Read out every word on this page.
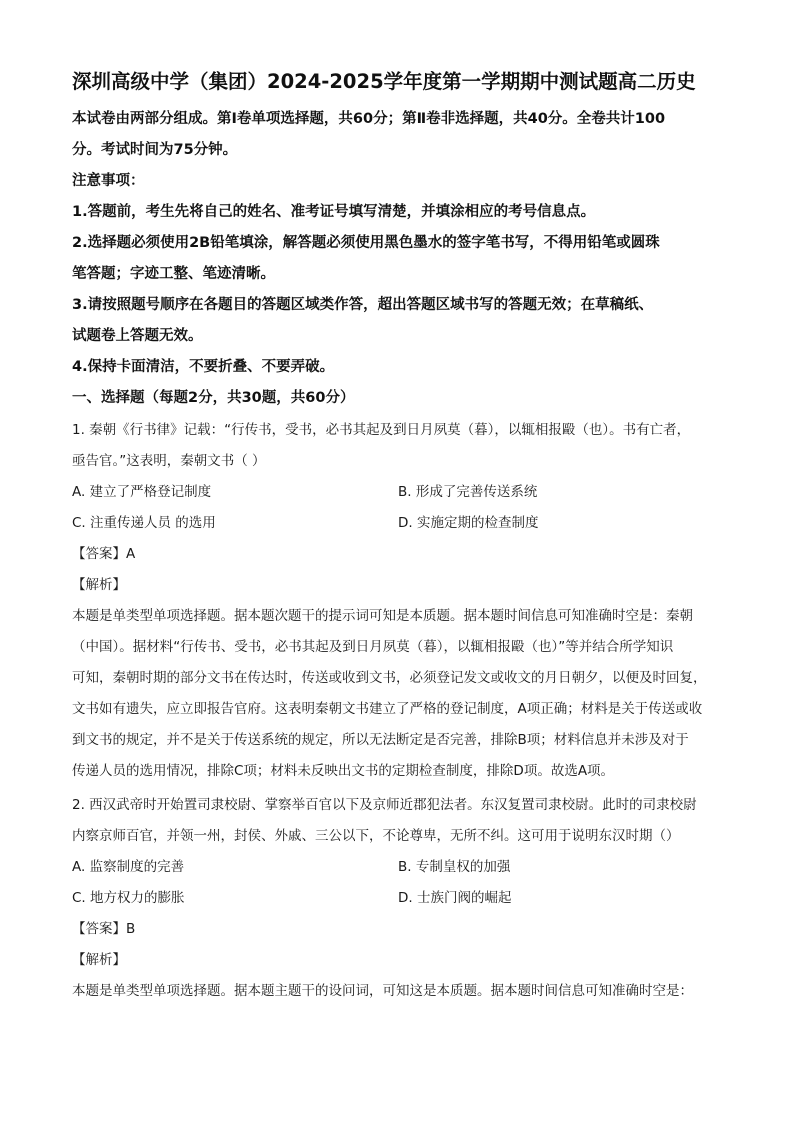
深圳高级中学（集团）2024-2025学年度第一学期期中测试题高二历史
本试卷由两部分组成。第Ⅰ卷单项选择题，共60分；第Ⅱ卷非选择题，共40分。全卷共计100
分。考试时间为75分钟。
注意事项：
1.答题前，考生先将自己的姓名、准考证号填写清楚，并填涂相应的考号信息点。
2.选择题必须使用2B铅笔填涂，解答题必须使用黑色墨水的签字笔书写，不得用铅笔或圆珠
笔答题；字迹工整、笔迹清晰。
3.请按照题号顺序在各题目的答题区域类作答，超出答题区域书写的答题无效；在草稿纸、
试题卷上答题无效。
4.保持卡面清洁，不要折叠、不要弄破。
一、选择题（每题2分，共30题，共60分）
1. 秦朝《行书律》记载：“行传书，受书，必书其起及到日月夙莫（暮），以辄相报毆（也）。书有亡者，
亟告官。”这表明，秦朝文书（ ）
A. 建立了严格登记制度	B. 形成了完善传送系统
C. 注重传递人员 的选用	D. 实施定期的检查制度
【答案】A
【解析】
本题是单类型单项选择题。据本题次题干的提示词可知是本质题。据本题时间信息可知准确时空是：秦朝
（中国）。据材料“行传书、受书，必书其起及到日月夙莫（暮），以辄相报毆（也）”等并结合所学知识
可知，秦朝时期的部分文书在传达时，传送或收到文书，必须登记发文或收文的月日朝夕，以便及时回复，
文书如有遗失，应立即报告官府。这表明秦朝文书建立了严格的登记制度，A项正确；材料是关于传送或收
到文书的规定，并不是关于传送系统的规定，所以无法断定是否完善，排除B项；材料信息并未涉及对于
传递人员的选用情况，排除C项；材料未反映出文书的定期检查制度，排除D项。故选A项。
2. 西汉武帝时开始置司隶校尉、掌察举百官以下及京师近郡犯法者。东汉复置司隶校尉。此时的司隶校尉
内察京师百官，并领一州，封侯、外戚、三公以下，不论尊卑，无所不纠。这可用于说明东汉时期（）
A. 监察制度的完善	B. 专制皇权的加强
C. 地方权力的膨胀	D. 士族门阀的崛起
【答案】B
【解析】
本题是单类型单项选择题。据本题主题干的设问词，可知这是本质题。据本题时间信息可知准确时空是：
